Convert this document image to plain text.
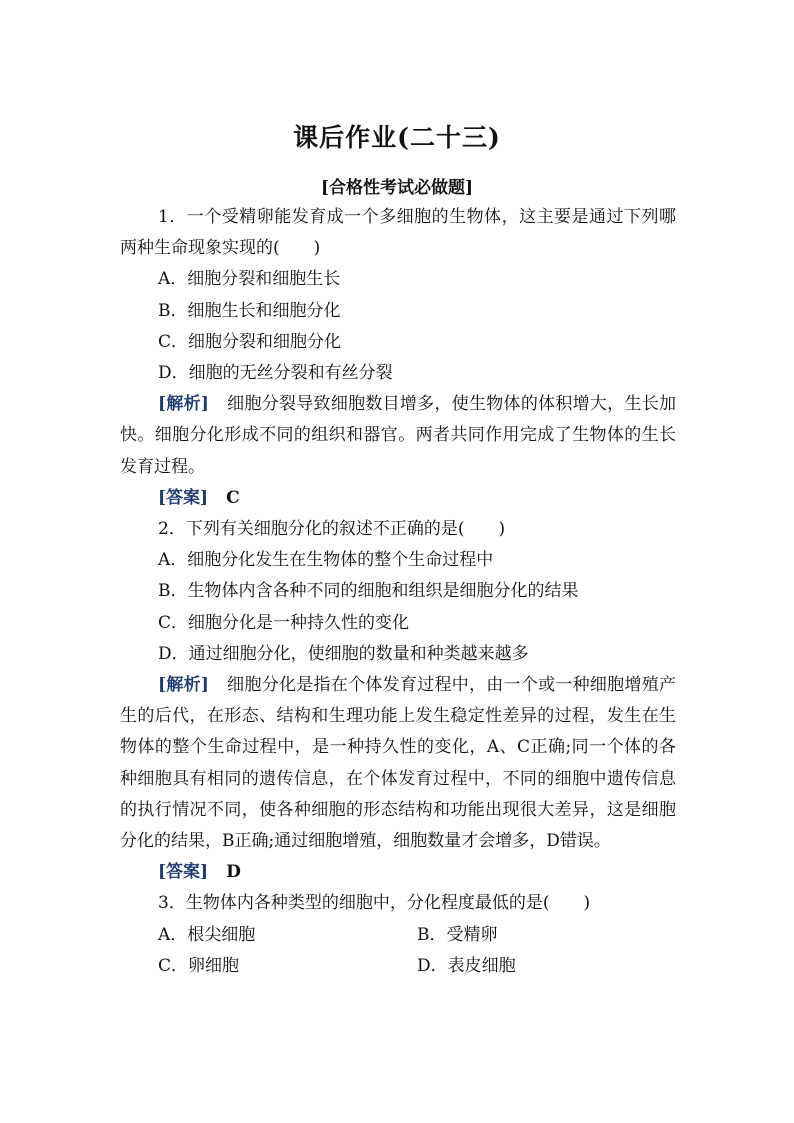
课后作业(二十三)
[合格性考试必做题]

1．一个受精卵能发育成一个多细胞的生物体，这主要是通过下列哪两种生命现象实现的(　　)

A．细胞分裂和细胞生长

B．细胞生长和细胞分化

C．细胞分裂和细胞分化

D．细胞的无丝分裂和有丝分裂

[解析] 细胞分裂导致细胞数目增多，使生物体的体积增大，生长加快。细胞分化形成不同的组织和器官。两者共同作用完成了生物体的生长发育过程。

[答案] C

2．下列有关细胞分化的叙述不正确的是(　　)

A．细胞分化发生在生物体的整个生命过程中

B．生物体内含各种不同的细胞和组织是细胞分化的结果

C．细胞分化是一种持久性的变化

D．通过细胞分化，使细胞的数量和种类越来越多

[解析] 细胞分化是指在个体发育过程中，由一个或一种细胞增殖产生的后代，在形态、结构和生理功能上发生稳定性差异的过程，发生在生物体的整个生命过程中，是一种持久性的变化，A、C正确;同一个体的各种细胞具有相同的遗传信息，在个体发育过程中，不同的细胞中遗传信息的执行情况不同，使各种细胞的形态结构和功能出现很大差异，这是细胞分化的结果，B正确;通过细胞增殖，细胞数量才会增多，D错误。

[答案] D

3．生物体内各种类型的细胞中，分化程度最低的是(　　)

A．根尖细胞	B．受精卵
C．卵细胞	D．表皮细胞
